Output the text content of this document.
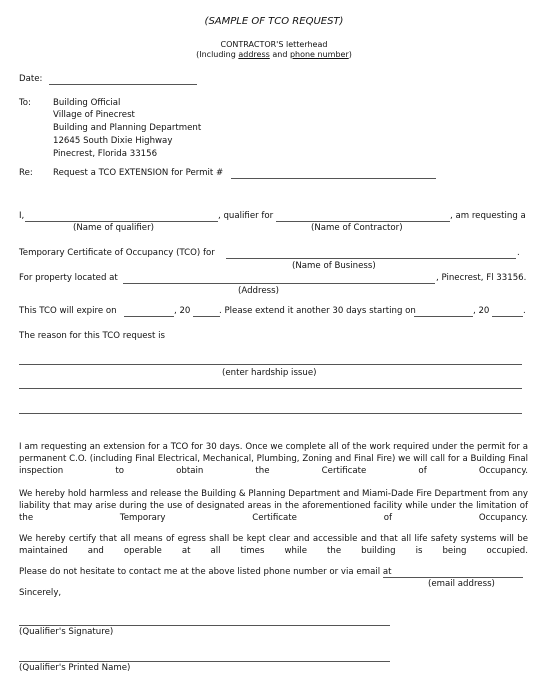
(SAMPLE OF TCO REQUEST)
CONTRACTOR'S letterhead
(Including address and phone number)
Date:
To:	Building Official
Village of Pinecrest
Building and Planning Department
12645 South Dixie Highway
Pinecrest, Florida 33156
Re: Request a TCO EXTENSION for Permit #
I,	, qualifier for	, am requesting a
(Name of qualifier)	(Name of Contractor)
Temporary Certificate of Occupancy (TCO) for	.
(Name of Business)
For property located at	, Pinecrest, Fl 33156.
(Address)
This TCO will expire on	, 20	. Please extend it another 30 days starting on	, 20	.
The reason for this TCO request is
(enter hardship issue)
I am requesting an extension for a TCO for 30 days. Once we complete all of the work required under the permit for a permanent C.O. (including Final Electrical, Mechanical, Plumbing, Zoning and Final Fire) we will call for a Building Final inspection to obtain the Certificate of Occupancy.
We hereby hold harmless and release the Building & Planning Department and Miami-Dade Fire Department from any liability that may arise during the use of designated areas in the aforementioned facility while under the limitation of the Temporary Certificate of Occupancy.
We hereby certify that all means of egress shall be kept clear and accessible and that all life safety systems will be maintained and operable at all times while the building is being occupied.
Please do not hesitate to contact me at the above listed phone number or via email at
(email address)
Sincerely,
(Qualifier's Signature)
(Qualifier's Printed Name)
